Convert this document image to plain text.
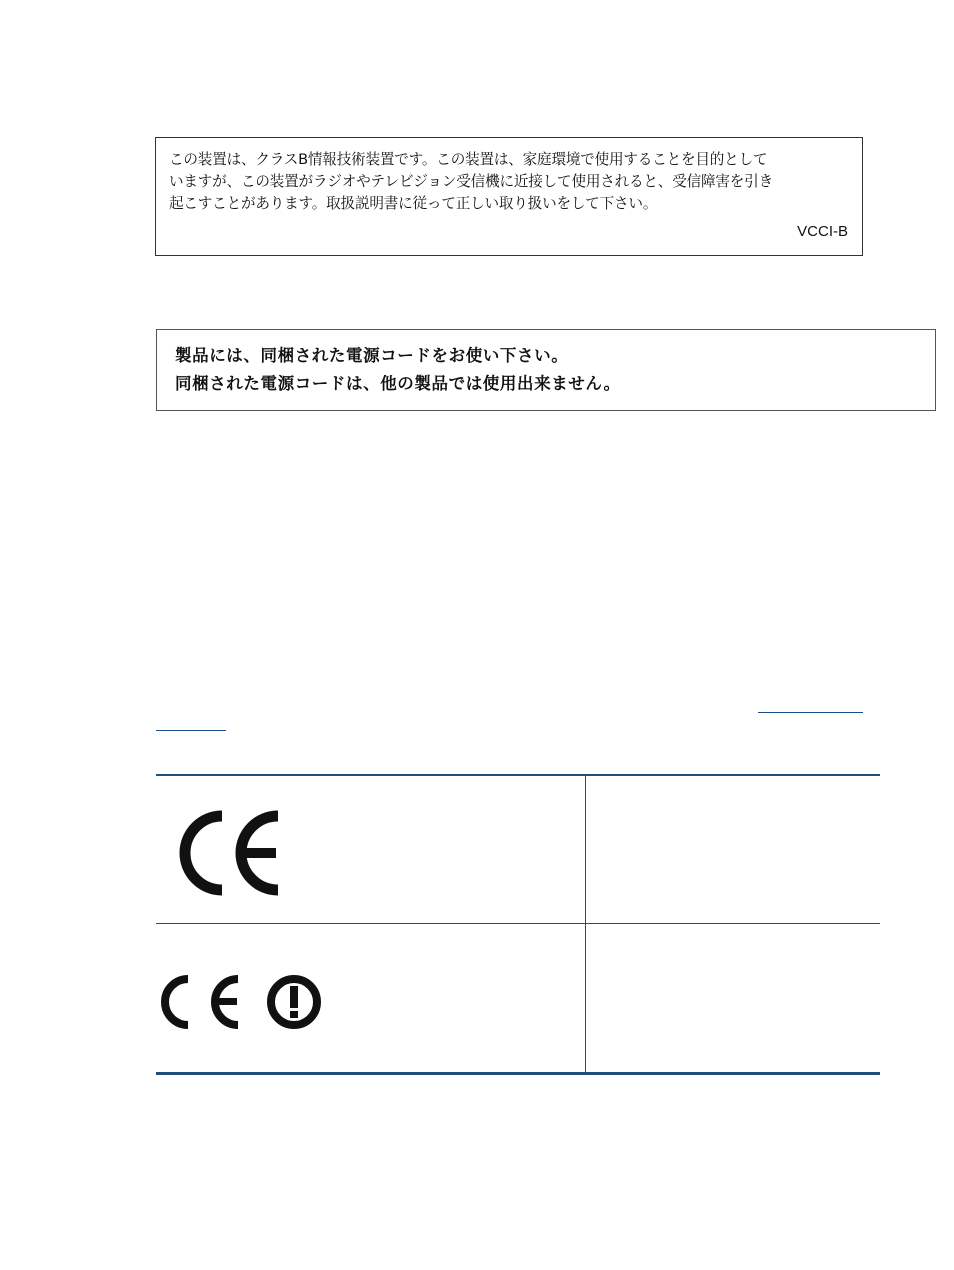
この装置は、クラスB情報技術装置です。この装置は、家庭環境で使用することを目的として
いますが、この装置がラジオやテレビジョン受信機に近接して使用されると、受信障害を引き
起こすことがあります。取扱説明書に従って正しい取り扱いをして下さい。
VCCI-B
製品には、同梱された電源コードをお使い下さい。
同梱された電源コードは、他の製品では使用出来ません。
